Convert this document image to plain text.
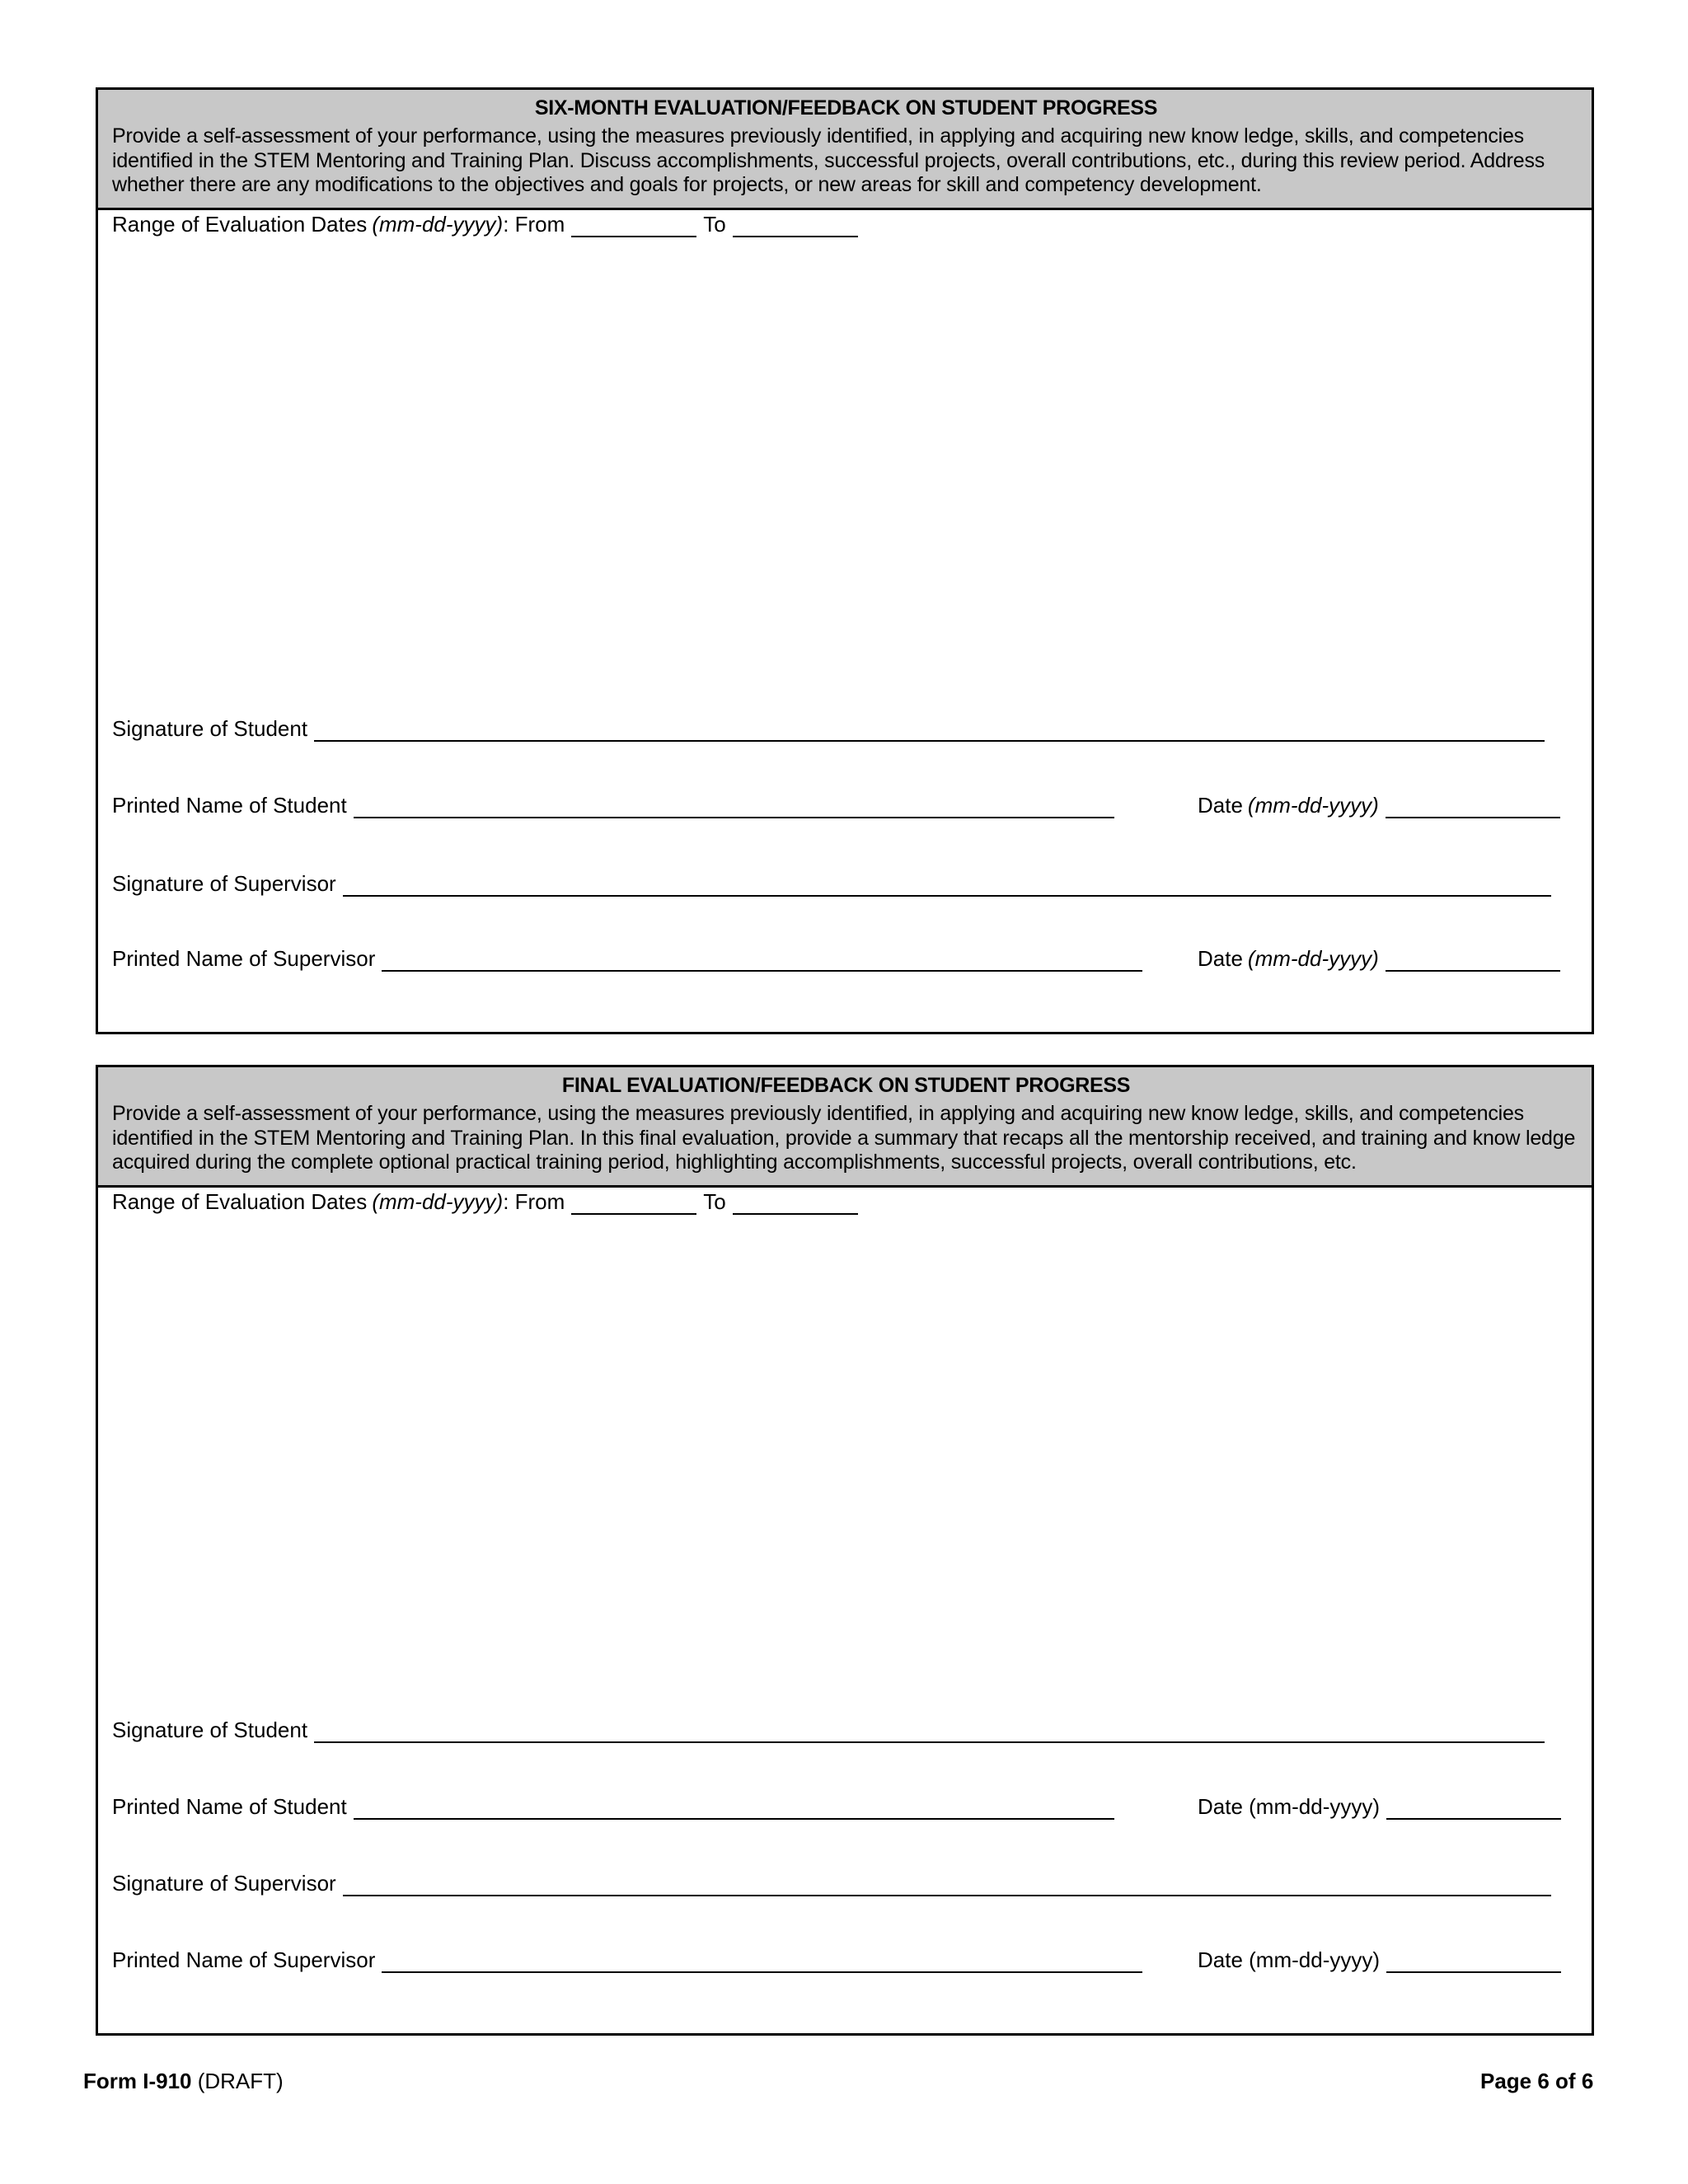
SIX-MONTH EVALUATION/FEEDBACK ON STUDENT PROGRESS
Provide a self-assessment of your performance, using the measures previously identified, in applying and acquiring new know ledge, skills, and competencies identified in the STEM Mentoring and Training Plan. Discuss accomplishments, successful projects, overall contributions, etc., during this review period. Address whether there are any modifications to the objectives and goals for projects, or new areas for skill and competency development.
Range of Evaluation Dates (mm-dd-yyyy) : From	To
Signature of Student
Printed Name of Student	Date (mm-dd-yyyy)
Signature of Supervisor
Printed Name of Supervisor	Date (mm-dd-yyyy)
FINAL EVALUATION/FEEDBACK ON STUDENT PROGRESS
Provide a self-assessment of your performance, using the measures previously identified, in applying and acquiring new know ledge, skills, and competencies identified in the STEM Mentoring and Training Plan. In this final evaluation, provide a summary that recaps all the mentorship received, and training and know ledge acquired during the complete optional practical training period, highlighting accomplishments, successful projects, overall contributions, etc.
Range of Evaluation Dates (mm-dd-yyyy) : From	To
Signature of Student
Printed Name of Student	Date (mm-dd-yyyy)
Signature of Supervisor
Printed Name of Supervisor	Date (mm-dd-yyyy)
Form I-910 (DRAFT)	Page 6 of 6
